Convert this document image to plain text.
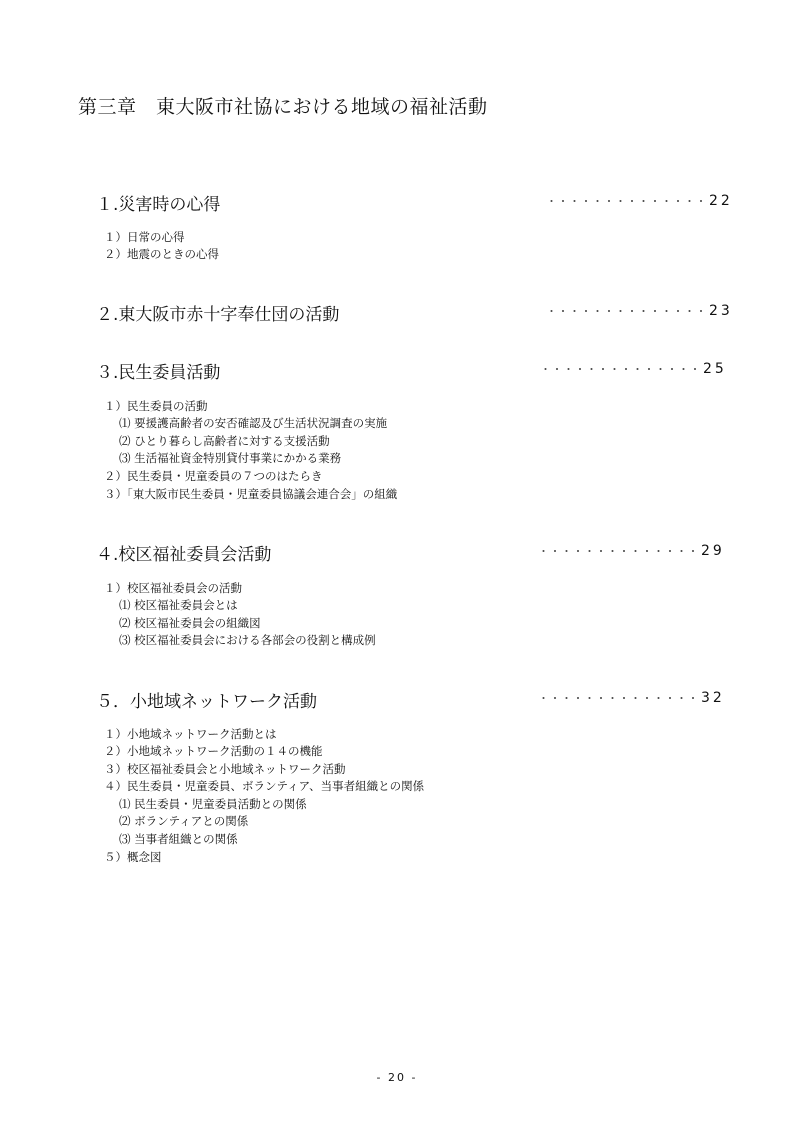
第三章　東大阪市社協における地域の福祉活動
１.災害時の心得	・・・・・・・・・・・・・・ 22
１）日常の心得
２）地震のときの心得
２.東大阪市赤十字奉仕団の活動	・・・・・・・・・・・・・・ 23
３.民生委員活動	・・・・・・・・・・・・・・ 25
１）民生委員の活動
⑴ 要援護高齢者の安否確認及び生活状況調査の実施
⑵ ひとり暮らし高齢者に対する支援活動
⑶ 生活福祉資金特別貸付事業にかかる業務
２）民生委員・児童委員の７つのはたらき
３）「東大阪市民生委員・児童委員協議会連合会」の組織
４.校区福祉委員会活動	・・・・・・・・・・・・・・ 29
１）校区福祉委員会の活動
⑴ 校区福祉委員会とは
⑵ 校区福祉委員会の組織図
⑶ 校区福祉委員会における各部会の役割と構成例
５．小地域ネットワーク活動	・・・・・・・・・・・・・・ 32
１）小地域ネットワーク活動とは
２）小地域ネットワーク活動の１４の機能
３）校区福祉委員会と小地域ネットワーク活動
４）民生委員・児童委員、ボランティア、当事者組織との関係
⑴ 民生委員・児童委員活動との関係
⑵ ボランティアとの関係
⑶ 当事者組織との関係
５）概念図
- 20 -
